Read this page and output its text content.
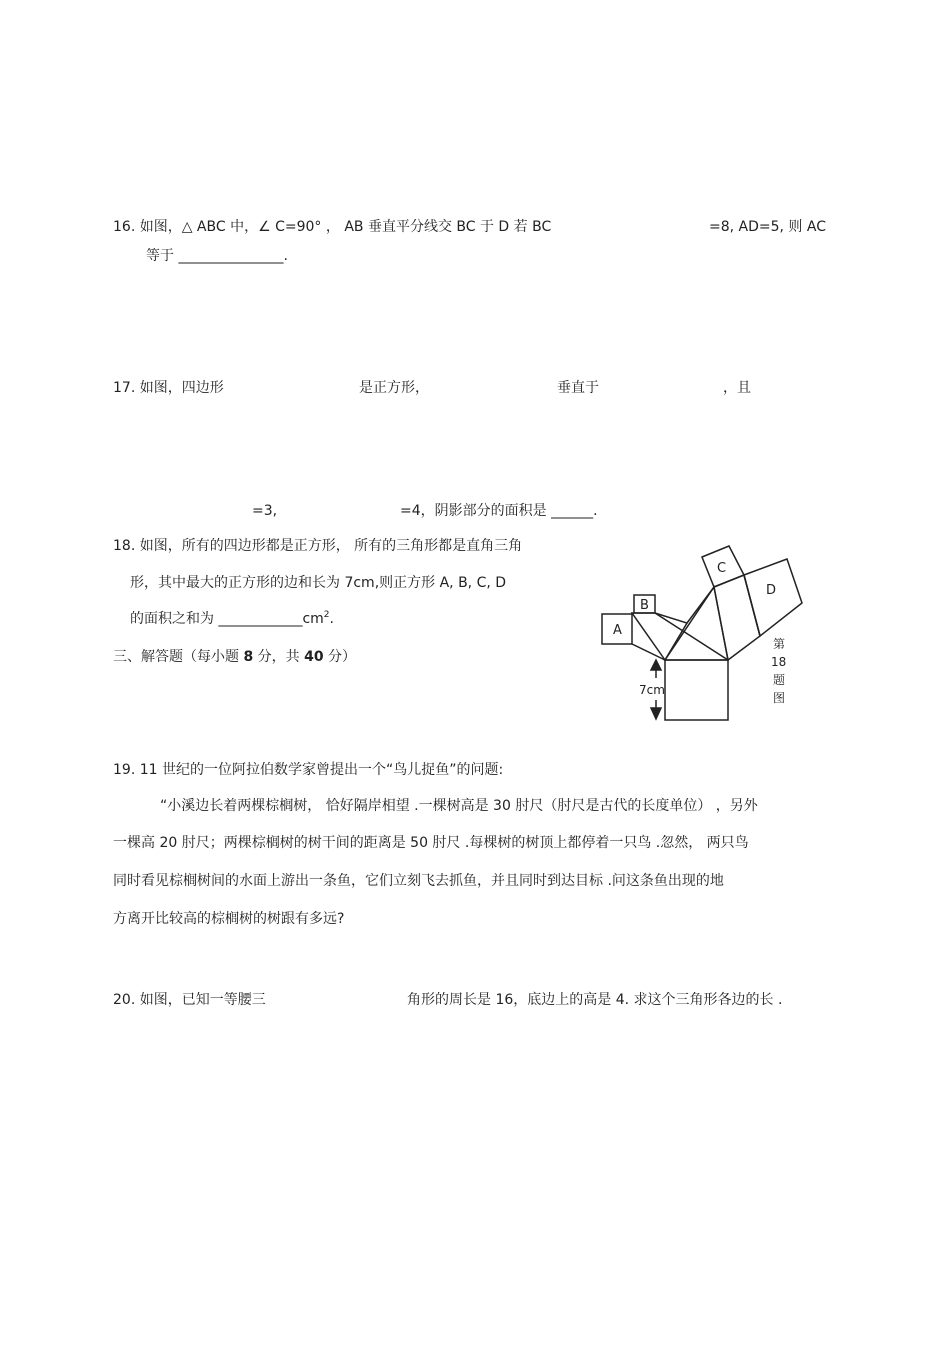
16. 如图，△ ABC 中，∠ C=90° ， AB 垂直平分线交 BC 于 D 若 BC	=8, AD=5, 则 AC
等于 _______________.
17. 如图，四边形	是正方形，	垂直于	，且
=3,	=4，阴影部分的面积是 ______.
18. 如图，所有的四边形都是正方形， 所有的三角形都是直角三角
形，其中最大的正方形的边和长为 7cm,则正方形 A, B, C, D
的面积之和为 $\_\_\_\_\_\_\_\_\_\_\_\_cm^2$.
三、解答题（每小题 8 分，共 40 分）
A
B
C
D
7cm
第
18
题
图
19. 11 世纪的一位阿拉伯数学家曾提出一个“鸟儿捉鱼”的问题:
“小溪边长着两棵棕榈树， 恰好隔岸相望 .一棵树高是 30 肘尺（肘尺是古代的长度单位） ，另外
一棵高 20 肘尺；两棵棕榈树的树干间的距离是 50 肘尺 .每棵树的树顶上都停着一只鸟 .忽然， 两只鸟
同时看见棕榈树间的水面上游出一条鱼，它们立刻飞去抓鱼，并且同时到达目标 .问这条鱼出现的地
方离开比较高的棕榈树的树跟有多远?
20. 如图，已知一等腰三	角形的周长是 16，底边上的高是 4. 求这个三角形各边的长 .
